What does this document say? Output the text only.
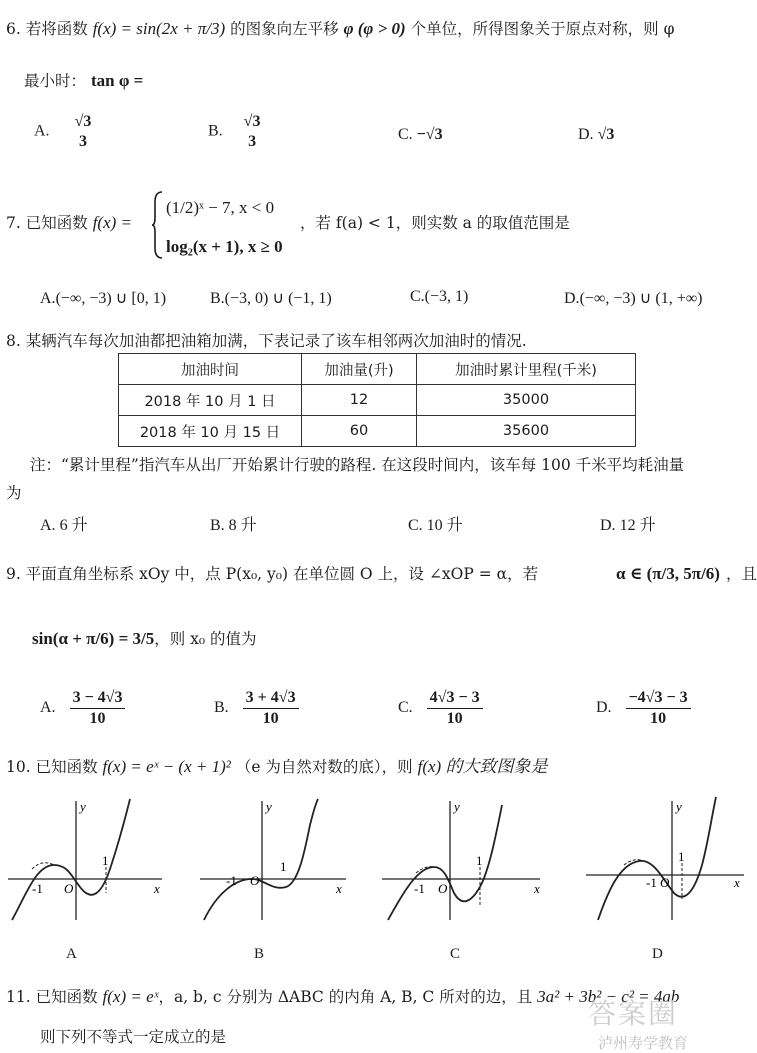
6. 若将函数 f(x) = sin(2x + π/3) 的图象向左平移 φ (φ > 0) 个单位，所得图象关于原点对称，则 φ
最小时： tan φ =
A.
√3
3
B.
√3
3	C. −√3	D. √3
7. 已知函数 f(x) =
(1/2)ˣ − 7, x < 0
log₂(x + 1), x ≥ 0
，若 f(a) < 1，则实数 a 的取值范围是
A.(−∞, −3) ∪ [0, 1)	B.(−3, 0) ∪ (−1, 1)	C.(−3, 1)	D.(−∞, −3) ∪ (1, +∞)
8. 某辆汽车每次加油都把油箱加满，下表记录了该车相邻两次加油时的情况.
加油时间	加油量(升)	加油时累计里程(千米)
2018 年 10 月 1 日	12	35000
2018 年 10 月 15 日	60	35600
注：“累计里程”指汽车从出厂开始累计行驶的路程. 在这段时间内，该车每 100 千米平均耗油量
为
A. 6 升	B. 8 升	C. 10 升	D. 12 升
9. 平面直角坐标系 xOy 中，点 P(x₀, y₀) 在单位圆 O 上，设 ∠xOP = α，若	α ∈ (π/3, 5π/6) ，且
sin(α + π/6) = 3/5，则 x₀ 的值为
A. $\frac{3 - 4√3}{10}$	B. $\frac{3 + 4√3}{10}$	C. $\frac{4√3 - 3}{10}$	D. $\frac{-4√3 - 3}{10}$
10. 已知函数 f(x) = eˣ − (x + 1)² （e 为自然对数的底），则 f(x) 的大致图象是
y
x
-1
1
O
A
y
x
-1
1
O
B
y
x
-1
1
O
C
y
x
-1
1
O
D
11. 已知函数 f(x) = eˣ，a, b, c 分别为 ΔABC 的内角 A, B, C 所对的边，且 3a² + 3b² − c² = 4ab
则下列不等式一定成立的是
答案圈
泸州寿学教育
